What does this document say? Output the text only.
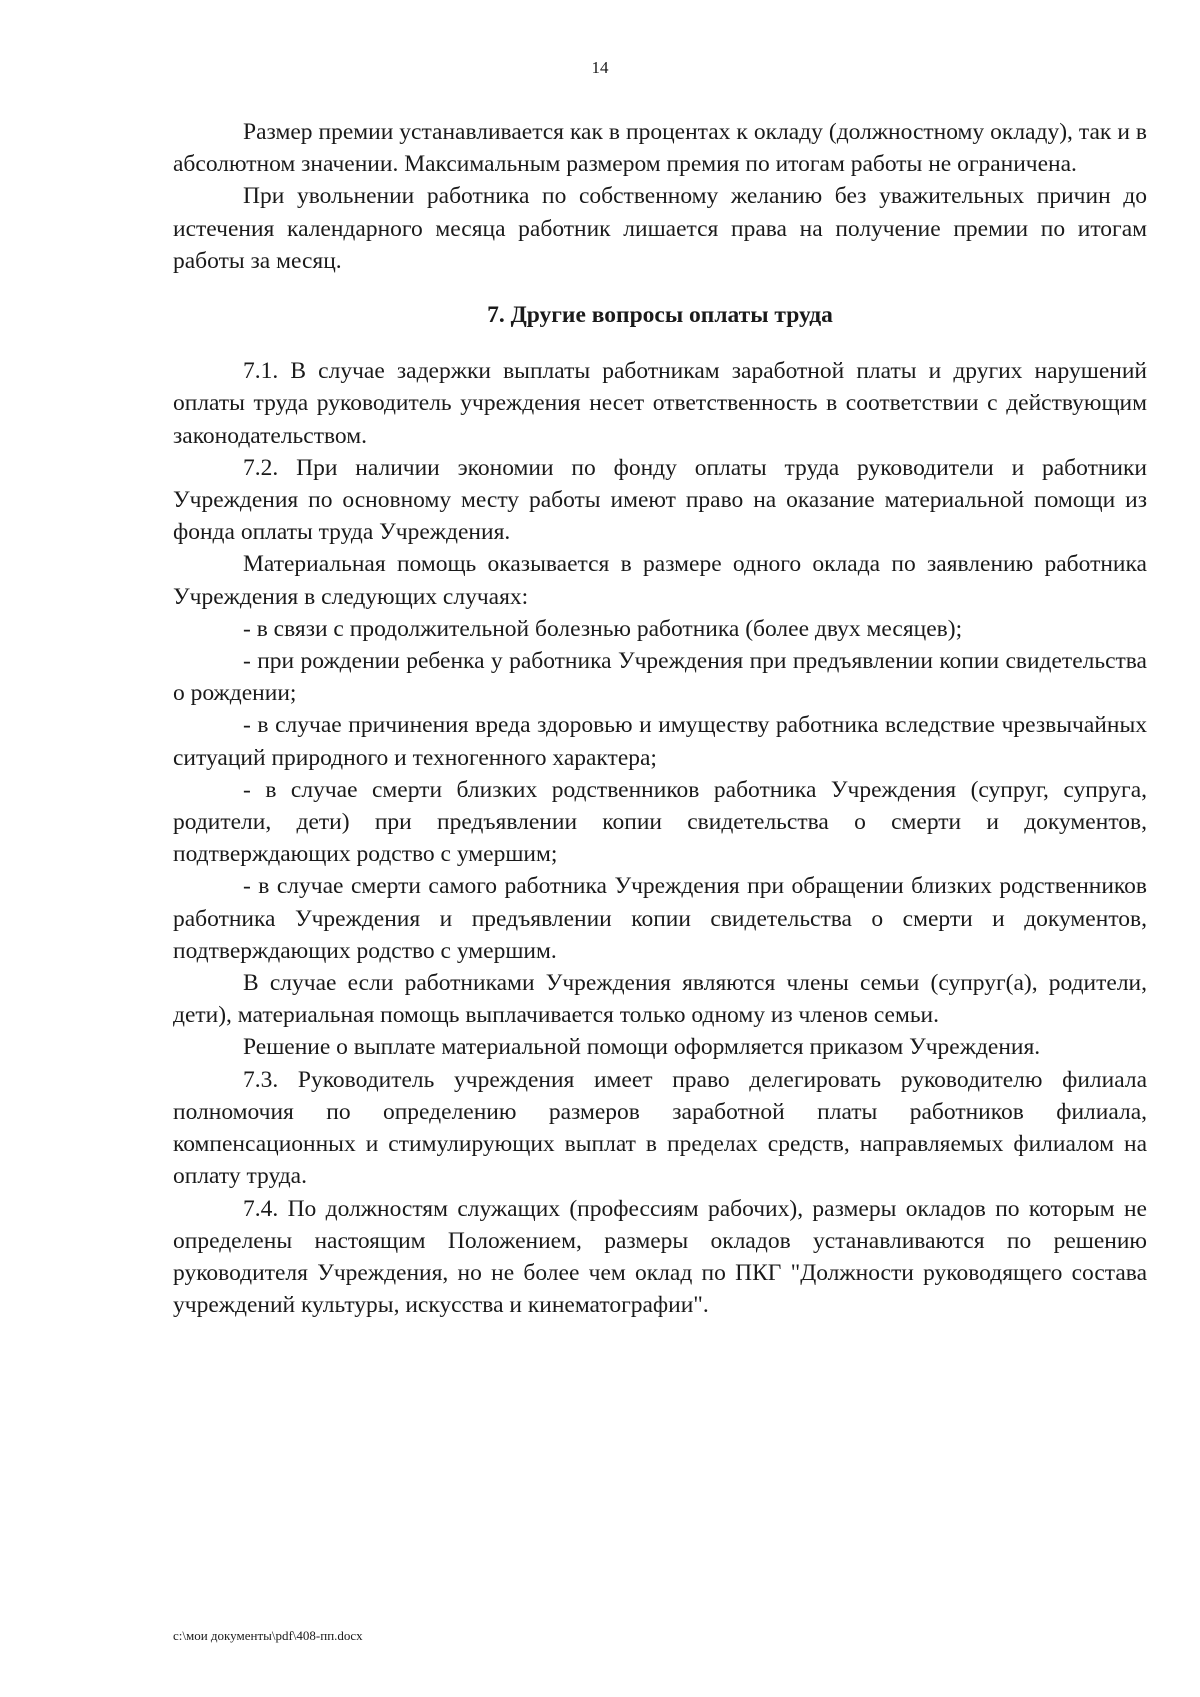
14

Размер премии устанавливается как в процентах к окладу (должностному окладу), так и в абсолютном значении. Максимальным размером премия по итогам работы не ограничена.

При увольнении работника по собственному желанию без уважительных причин до истечения календарного месяца работник лишается права на получение премии по итогам работы за месяц.

7. Другие вопросы оплаты труда

7.1. В случае задержки выплаты работникам заработной платы и других нарушений оплаты труда руководитель учреждения несет ответственность в соответствии с действующим законодательством.

7.2. При наличии экономии по фонду оплаты труда руководители и работники Учреждения по основному месту работы имеют право на оказание материальной помощи из фонда оплаты труда Учреждения.

Материальная помощь оказывается в размере одного оклада по заявлению работника Учреждения в следующих случаях:

- в связи с продолжительной болезнью работника (более двух месяцев);

- при рождении ребенка у работника Учреждения при предъявлении копии свидетельства о рождении;

- в случае причинения вреда здоровью и имуществу работника вследствие чрезвычайных ситуаций природного и техногенного характера;

- в случае смерти близких родственников работника Учреждения (супруг, супруга, родители, дети) при предъявлении копии свидетельства о смерти и документов, подтверждающих родство с умершим;

- в случае смерти самого работника Учреждения при обращении близких родственников работника Учреждения и предъявлении копии свидетельства о смерти и документов, подтверждающих родство с умершим.

В случае если работниками Учреждения являются члены семьи (супруг(а), родители, дети), материальная помощь выплачивается только одному из членов семьи.

Решение о выплате материальной помощи оформляется приказом Учреждения.

7.3. Руководитель учреждения имеет право делегировать руководителю филиала полномочия по определению размеров заработной платы работников филиала, компенсационных и стимулирующих выплат в пределах средств, направляемых филиалом на оплату труда.

7.4. По должностям служащих (профессиям рабочих), размеры окладов по которым не определены настоящим Положением, размеры окладов устанавливаются по решению руководителя Учреждения, но не более чем оклад по ПКГ "Должности руководящего состава учреждений культуры, искусства и кинематографии".

c:\мои документы\pdf\408-пп.docx
